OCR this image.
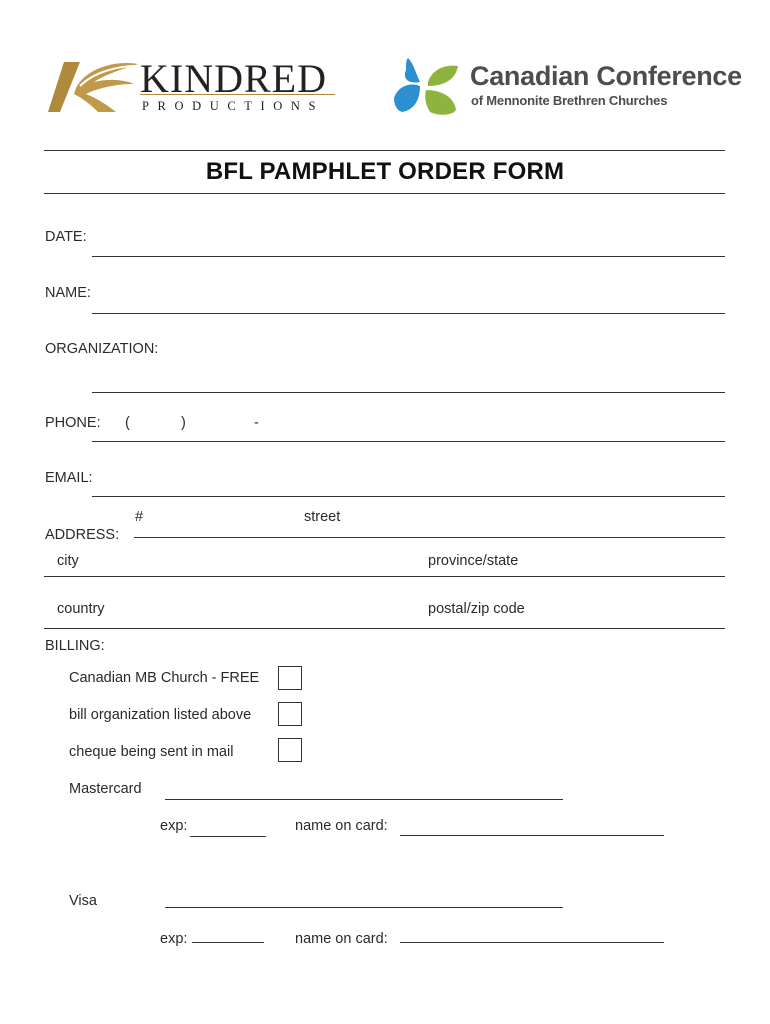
KINDRED
PRODUCTIONS
Canadian Conference
of Mennonite Brethren Churches
BFL PAMPHLET ORDER FORM
DATE:
NAME:
ORGANIZATION:
PHONE: (	)	-
EMAIL:
#	street
ADDRESS:
city	province/state
country	postal/zip code
BILLING:
Canadian MB Church - FREE
bill organization listed above
cheque being sent in mail
Mastercard
exp:	name on card:
Visa
exp:	name on card:
